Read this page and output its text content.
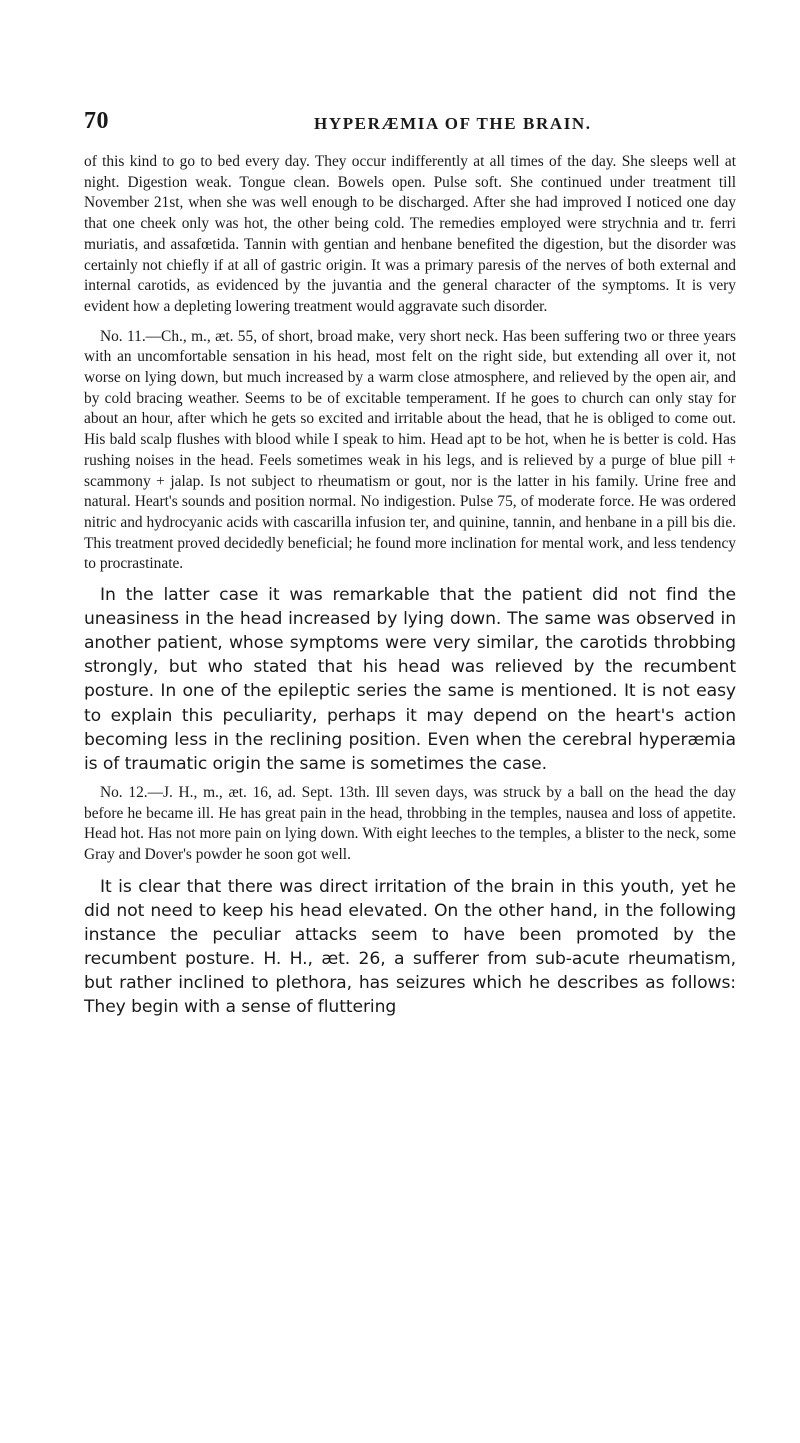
70	HYPERÆMIA OF THE BRAIN.

of this kind to go to bed every day. They occur indifferently at all times of the day. She sleeps well at night. Digestion weak. Tongue clean. Bowels open. Pulse soft. She continued under treatment till November 21st, when she was well enough to be discharged. After she had improved I noticed one day that one cheek only was hot, the other being cold. The remedies employed were strychnia and tr. ferri muriatis, and assafœtida. Tannin with gentian and henbane benefited the digestion, but the disorder was certainly not chiefly if at all of gastric origin. It was a primary paresis of the nerves of both external and internal carotids, as evidenced by the juvantia and the general character of the symptoms. It is very evident how a depleting lowering treatment would aggravate such disorder.

No. 11.—Ch., m., æt. 55, of short, broad make, very short neck. Has been suffering two or three years with an uncomfortable sensation in his head, most felt on the right side, but extending all over it, not worse on lying down, but much increased by a warm close atmosphere, and relieved by the open air, and by cold bracing weather. Seems to be of excitable temperament. If he goes to church can only stay for about an hour, after which he gets so excited and irritable about the head, that he is obliged to come out. His bald scalp flushes with blood while I speak to him. Head apt to be hot, when he is better is cold. Has rushing noises in the head. Feels sometimes weak in his legs, and is relieved by a purge of blue pill + scammony + jalap. Is not subject to rheumatism or gout, nor is the latter in his family. Urine free and natural. Heart's sounds and position normal. No indigestion. Pulse 75, of moderate force. He was ordered nitric and hydrocyanic acids with cascarilla infusion ter, and quinine, tannin, and henbane in a pill bis die. This treatment proved decidedly beneficial; he found more inclination for mental work, and less tendency to procrastinate.

In the latter case it was remarkable that the patient did not find the uneasiness in the head increased by lying down. The same was observed in another patient, whose symptoms were very similar, the carotids throbbing strongly, but who stated that his head was relieved by the recumbent posture. In one of the epileptic series the same is mentioned. It is not easy to explain this peculiarity, perhaps it may depend on the heart's action becoming less in the reclining position. Even when the cerebral hyperæmia is of traumatic origin the same is sometimes the case.

No. 12.—J. H., m., æt. 16, ad. Sept. 13th. Ill seven days, was struck by a ball on the head the day before he became ill. He has great pain in the head, throbbing in the temples, nausea and loss of appetite. Head hot. Has not more pain on lying down. With eight leeches to the temples, a blister to the neck, some Gray and Dover's powder he soon got well.

It is clear that there was direct irritation of the brain in this youth, yet he did not need to keep his head elevated. On the other hand, in the following instance the peculiar attacks seem to have been promoted by the recumbent posture. H. H., æt. 26, a sufferer from sub-acute rheumatism, but rather inclined to plethora, has seizures which he describes as follows: They begin with a sense of fluttering
